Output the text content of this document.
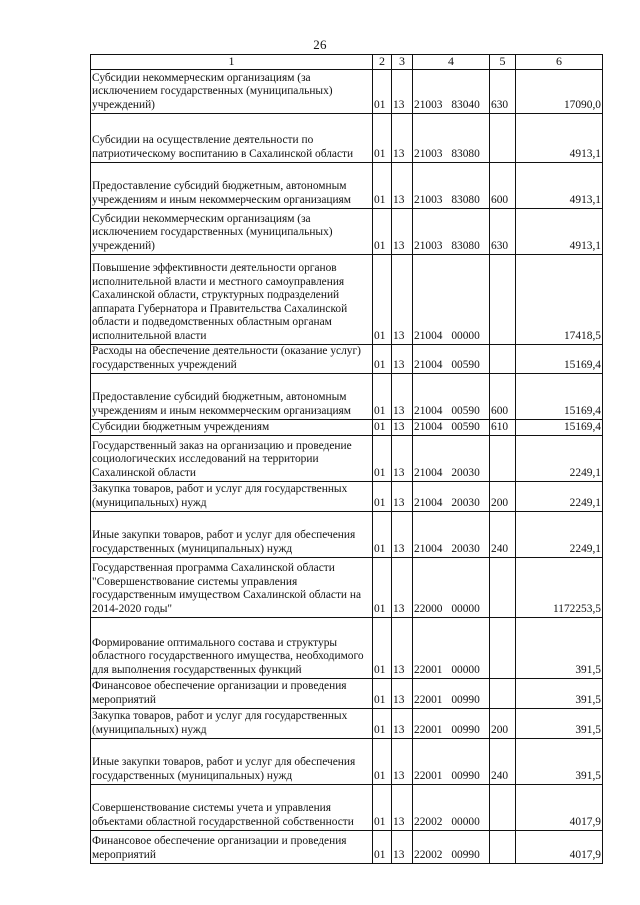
26
1	2	3	4	5	6
Субсидии некоммерческим организациям (за исключением государственных (муниципальных) учреждений)	01	13	21003 83040	630	17090,0
Субсидии на осуществление деятельности по патриотическому воспитанию в Сахалинской области	01	13	21003 83080		4913,1
Предоставление субсидий бюджетным, автономным учреждениям и иным некоммерческим организациям	01	13	21003 83080	600	4913,1
Субсидии некоммерческим организациям (за исключением государственных (муниципальных) учреждений)	01	13	21003 83080	630	4913,1
Повышение эффективности деятельности органов исполнительной власти и местного самоуправления Сахалинской области, структурных подразделений аппарата Губернатора и Правительства Сахалинской области и подведомственных областным органам исполнительной власти	01	13	21004 00000		17418,5
Расходы на обеспечение деятельности (оказание услуг) государственных учреждений	01	13	21004 00590		15169,4
Предоставление субсидий бюджетным, автономным учреждениям и иным некоммерческим организациям	01	13	21004 00590	600	15169,4
Субсидии бюджетным учреждениям	01	13	21004 00590	610	15169,4
Государственный заказ на организацию и проведение социологических исследований на территории Сахалинской области	01	13	21004 20030		2249,1
Закупка товаров, работ и услуг для государственных (муниципальных) нужд	01	13	21004 20030	200	2249,1
Иные закупки товаров, работ и услуг для обеспечения государственных (муниципальных) нужд	01	13	21004 20030	240	2249,1
Государственная программа Сахалинской области "Совершенствование системы управления государственным имуществом Сахалинской области на 2014-2020 годы"	01	13	22000 00000		1172253,5
Формирование оптимального состава и структуры областного государственного имущества, необходимого для выполнения государственных функций	01	13	22001 00000		391,5
Финансовое обеспечение организации и проведения мероприятий	01	13	22001 00990		391,5
Закупка товаров, работ и услуг для государственных (муниципальных) нужд	01	13	22001 00990	200	391,5
Иные закупки товаров, работ и услуг для обеспечения государственных (муниципальных) нужд	01	13	22001 00990	240	391,5
Совершенствование системы учета и управления объектами областной государственной собственности	01	13	22002 00000		4017,9
Финансовое обеспечение организации и проведения мероприятий	01	13	22002 00990		4017,9
